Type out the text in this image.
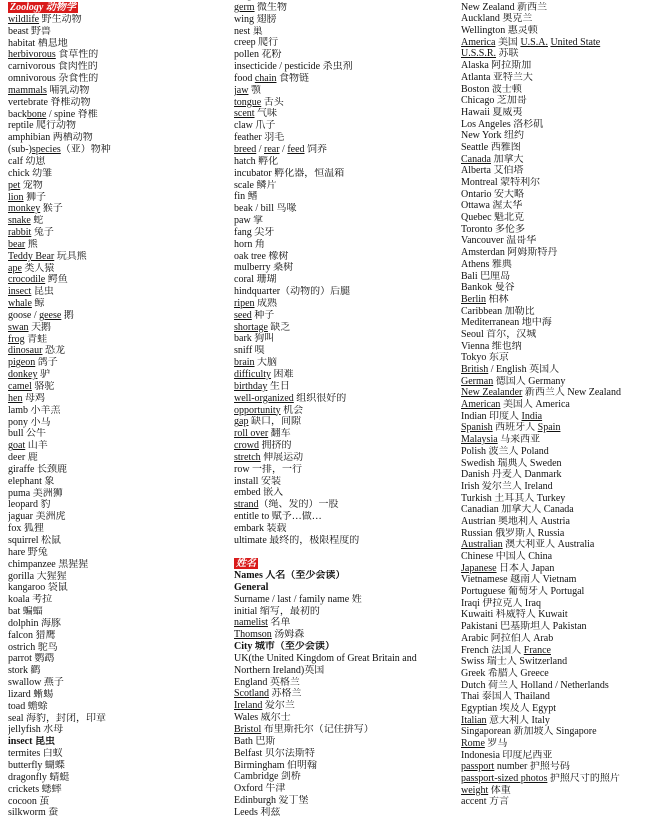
Zoology 动物学
wildlife 野生动物
beast 野兽
habitat 栖息地
herbivorous 食草性的
carnivorous 食肉性的
omnivorous 杂食性的
mammals 哺乳动物
vertebrate 脊椎动物
backbone / spine 脊椎
reptile 爬行动物
amphibian 两栖动物
(sub-)species（亚）物种
calf 幼崽
chick 幼雏
pet 宠物
lion 狮子
monkey 猴子
snake 蛇
rabbit 兔子
bear 熊
Teddy Bear 玩具熊
ape 类人猿
crocodile 鳄鱼
insect 昆虫
whale 鲸
goose / geese 鹅
swan 天鹅
frog 青蛙
dinosaur 恐龙
pigeon 鸽子
donkey 驴
camel 骆驼
hen 母鸡
lamb 小羊羔
pony 小马
bull 公牛
goat 山羊
deer 鹿
giraffe 长颈鹿
elephant 象
puma 美洲狮
leopard 豹
jaguar 美洲虎
fox 狐狸
squirrel 松鼠
hare 野兔
chimpanzee 黑猩猩
gorilla 大猩猩
kangaroo 袋鼠
koala 考拉
bat 蝙蝠
dolphin 海豚
falcon 猎鹰
ostrich 鸵鸟
parrot 鹦鹉
stork 鹳
swallow 燕子
lizard 蜥蜴
toad 蟾蜍
seal 海豹，封闭，印章
jellyfish 水母
insect 昆虫
termites 白蚁
butterfly 蝴蝶
dragonfly 蜻蜓
crickets 蟋蟀
cocoon 茧
silkworm 蚕
germ 微生物
wing 翅膀
nest 巢
creep 爬行
pollen 花粉
insecticide / pesticide 杀虫剂
food chain 食物链
jaw 颚
tongue 舌头
scent 气味
claw 爪子
feather 羽毛
breed / rear / feed 饲养
hatch 孵化
incubator 孵化器，恒温箱
scale 鳞片
fin 鳍
beak / bill 鸟喙
paw 掌
fang 尖牙
horn 角
oak tree 橡树
mulberry 桑树
coral 珊瑚
hindquarter（动物的）后腿
ripen 成熟
seed 种子
shortage 缺乏
bark 狗叫
sniff 嗅
brain 大脑
difficulty 困难
birthday 生日
well-organized 组织很好的
opportunity 机会
gap 缺口，间隙
roll over 翻车
crowd 拥挤的
stretch 伸展运动
row 一排，一行
install 安装
embed 嵌入
strand（绳、发的）一股
entitle to 赋予…做…
embark 装载
ultimate 最终的，极限程度的
姓名
Names 人名（至少会读）
General
Surname / last / family name 姓
initial 缩写，最初的
namelist 名单
Thomson 汤姆森
City 城市（至少会读）
UK(the United Kingdom of Great Britain and
Northern Ireland)英国
England 英格兰
Scotland 苏格兰
Ireland 爱尔兰
Wales 威尔士
Bristol 布里斯托尔（记住拼写）
Bath 巴斯
Belfast 贝尔法斯特
Birmingham 伯明翰
Cambridge 剑桥
Oxford 牛津
Edinburgh 爱丁堡
Leeds 利兹
New Zealand 新西兰
Auckland 奥克兰
Wellington 惠灵顿
America 美国 U.S.A. United State
U.S.S.R. 苏联
Alaska 阿拉斯加
Atlanta 亚特兰大
Boston 波士顿
Chicago 芝加哥
Hawaii 夏威夷
Los Angeles 洛杉矶
New York 纽约
Seattle 西雅图
Canada 加拿大
Alberta 艾伯塔
Montreal 蒙特利尔
Ontario 安大略
Ottawa 渥太华
Quebec 魁北克
Toronto 多伦多
Vancouver 温哥华
Amsterdan 阿姆斯特丹
Athens 雅典
Bali 巴厘岛
Bankok 曼谷
Berlin 柏林
Caribbean 加勒比
Mediterranean 地中海
Seoul 首尔，汉城
Vienna 维也纳
Tokyo 东京
British / English 英国人
German 德国人 Germany
New Zealander 新西兰人 New Zealand
American 美国人 America
Indian 印度人 India
Spanish 西班牙人 Spain
Malaysia 马来西亚
Polish 波兰人 Poland
Swedish 瑞典人 Sweden
Danish 丹麦人 Danmark
Irish 爱尔兰人 Ireland
Turkish 土耳其人 Turkey
Canadian 加拿大人 Canada
Austrian 奥地利人 Austria
Russian 俄罗斯人 Russia
Australian 澳大利亚人 Australia
Chinese 中国人 China
Japanese 日本人 Japan
Vietnamese 越南人 Vietnam
Portuguese 葡萄牙人 Portugal
Iraqi 伊拉克人 Iraq
Kuwaiti 科威特人 Kuwait
Pakistani 巴基斯坦人 Pakistan
Arabic 阿拉伯人 Arab
French 法国人 France
Swiss 瑞士人 Switzerland
Greek 希腊人 Greece
Dutch 荷兰人 Holland / Netherlands
Thai 泰国人 Thailand
Egyptian 埃及人 Egypt
Italian 意大利人 Italy
Singaporean 新加坡人 Singapore
Rome 罗马
Indonesia 印度尼西亚
passport number 护照号码
passport-sized photos 护照尺寸的照片
weight 体重
accent 方言
